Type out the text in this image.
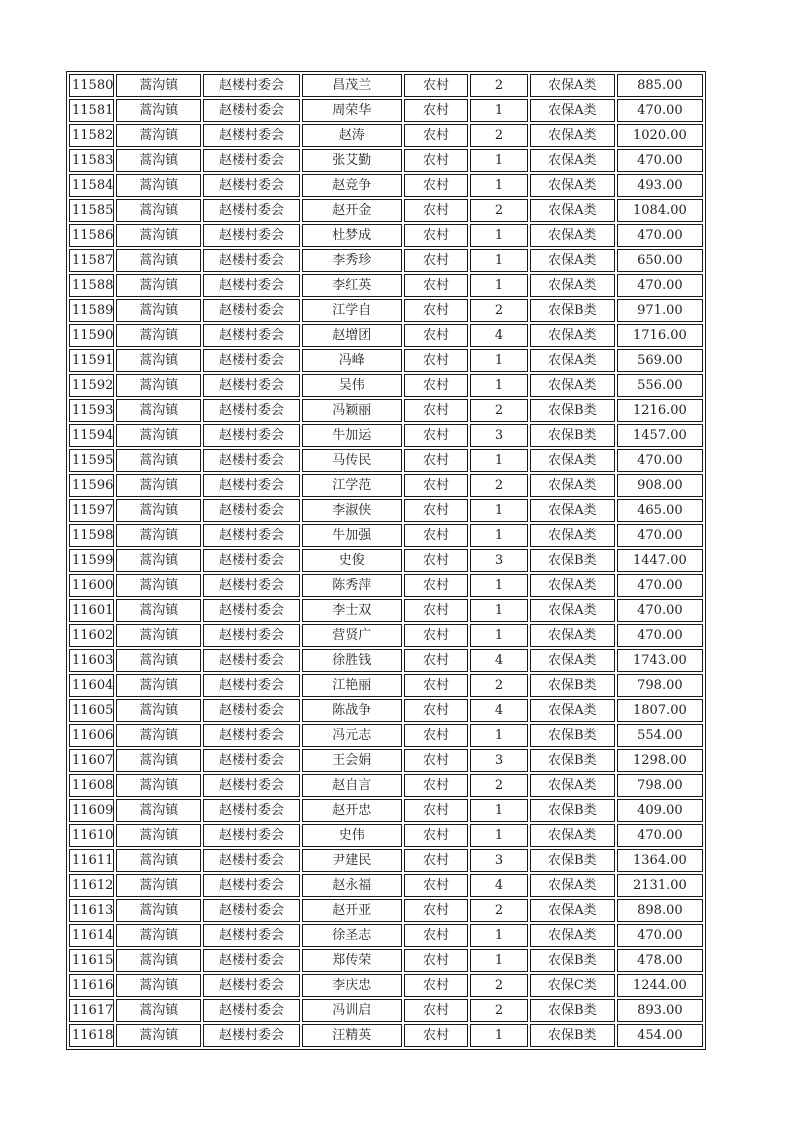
11580	蒿沟镇	赵楼村委会	昌茂兰	农村	2	农保A类	885.00
11581	蒿沟镇	赵楼村委会	周荣华	农村	1	农保A类	470.00
11582	蒿沟镇	赵楼村委会	赵涛	农村	2	农保A类	1020.00
11583	蒿沟镇	赵楼村委会	张艾勤	农村	1	农保A类	470.00
11584	蒿沟镇	赵楼村委会	赵竞争	农村	1	农保A类	493.00
11585	蒿沟镇	赵楼村委会	赵开金	农村	2	农保A类	1084.00
11586	蒿沟镇	赵楼村委会	杜梦成	农村	1	农保A类	470.00
11587	蒿沟镇	赵楼村委会	李秀珍	农村	1	农保A类	650.00
11588	蒿沟镇	赵楼村委会	李红英	农村	1	农保A类	470.00
11589	蒿沟镇	赵楼村委会	江学自	农村	2	农保B类	971.00
11590	蒿沟镇	赵楼村委会	赵增团	农村	4	农保A类	1716.00
11591	蒿沟镇	赵楼村委会	冯峰	农村	1	农保A类	569.00
11592	蒿沟镇	赵楼村委会	吴伟	农村	1	农保A类	556.00
11593	蒿沟镇	赵楼村委会	冯颖丽	农村	2	农保B类	1216.00
11594	蒿沟镇	赵楼村委会	牛加运	农村	3	农保B类	1457.00
11595	蒿沟镇	赵楼村委会	马传民	农村	1	农保A类	470.00
11596	蒿沟镇	赵楼村委会	江学范	农村	2	农保A类	908.00
11597	蒿沟镇	赵楼村委会	李淑侠	农村	1	农保A类	465.00
11598	蒿沟镇	赵楼村委会	牛加强	农村	1	农保A类	470.00
11599	蒿沟镇	赵楼村委会	史俊	农村	3	农保B类	1447.00
11600	蒿沟镇	赵楼村委会	陈秀萍	农村	1	农保A类	470.00
11601	蒿沟镇	赵楼村委会	李士双	农村	1	农保A类	470.00
11602	蒿沟镇	赵楼村委会	营贤广	农村	1	农保A类	470.00
11603	蒿沟镇	赵楼村委会	徐胜钱	农村	4	农保A类	1743.00
11604	蒿沟镇	赵楼村委会	江艳丽	农村	2	农保B类	798.00
11605	蒿沟镇	赵楼村委会	陈战争	农村	4	农保A类	1807.00
11606	蒿沟镇	赵楼村委会	冯元志	农村	1	农保B类	554.00
11607	蒿沟镇	赵楼村委会	王会娟	农村	3	农保B类	1298.00
11608	蒿沟镇	赵楼村委会	赵自言	农村	2	农保A类	798.00
11609	蒿沟镇	赵楼村委会	赵开忠	农村	1	农保B类	409.00
11610	蒿沟镇	赵楼村委会	史伟	农村	1	农保A类	470.00
11611	蒿沟镇	赵楼村委会	尹建民	农村	3	农保B类	1364.00
11612	蒿沟镇	赵楼村委会	赵永福	农村	4	农保A类	2131.00
11613	蒿沟镇	赵楼村委会	赵开亚	农村	2	农保A类	898.00
11614	蒿沟镇	赵楼村委会	徐圣志	农村	1	农保A类	470.00
11615	蒿沟镇	赵楼村委会	郑传荣	农村	1	农保B类	478.00
11616	蒿沟镇	赵楼村委会	李庆忠	农村	2	农保C类	1244.00
11617	蒿沟镇	赵楼村委会	冯训启	农村	2	农保B类	893.00
11618	蒿沟镇	赵楼村委会	汪精英	农村	1	农保B类	454.00
